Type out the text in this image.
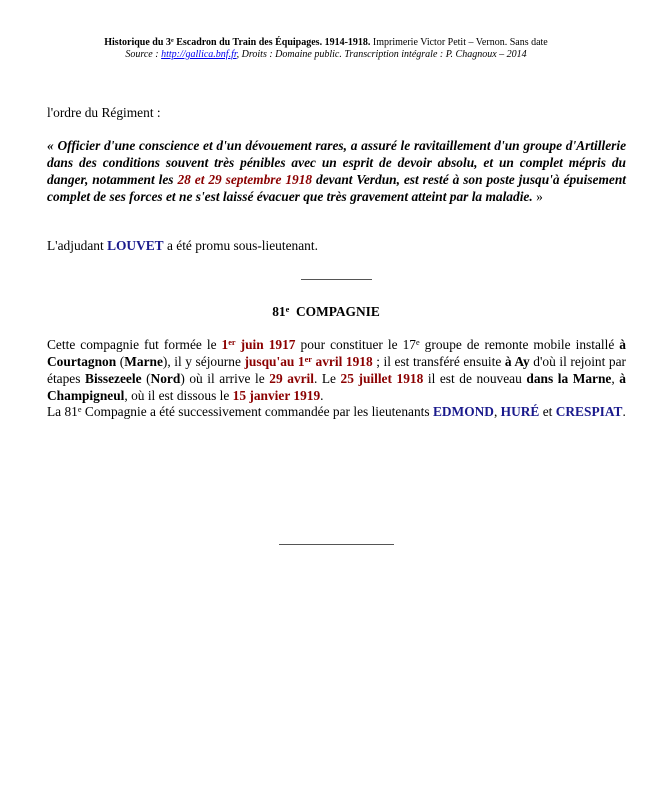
Historique du 3e Escadron du Train des Équipages. 1914-1918. Imprimerie Victor Petit – Vernon. Sans date
Source : http://gallica.bnf.fr, Droits : Domaine public. Transcription intégrale : P. Chagnoux – 2014
l'ordre du Régiment :
« Officier d'une conscience et d'un dévouement rares, a assuré le ravitaillement d'un groupe d'Artillerie dans des conditions souvent très pénibles avec un esprit de devoir absolu, et un complet mépris du danger, notamment les 28 et 29 septembre 1918 devant Verdun, est resté à son poste jusqu'à épuisement complet de ses forces et ne s'est laissé évacuer que très gravement atteint par la maladie. »
L'adjudant LOUVET a été promu sous-lieutenant.
81e  COMPAGNIE
Cette compagnie fut formée le 1er juin 1917 pour constituer le 17e groupe de remonte mobile installé à Courtagnon (Marne), il y séjourne jusqu'au 1er avril 1918 ; il est transféré ensuite à Ay d'où il rejoint par étapes Bissezeele (Nord) où il arrive le 29 avril. Le 25 juillet 1918 il est de nouveau dans la Marne, à Champigneul, où il est dissous le 15 janvier 1919.
La 81e Compagnie a été successivement commandée par les lieutenants EDMOND, HURÉ et CRESPIAT.
